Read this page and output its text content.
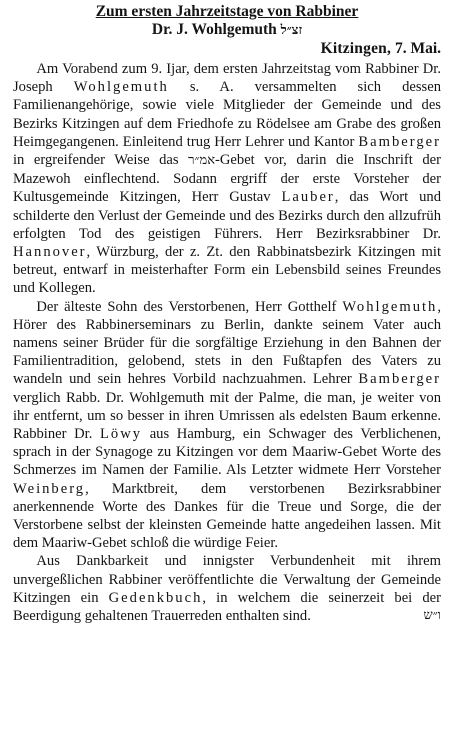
Zum ersten Jahrzeitstage von Rabbiner
Dr. J. Wohlgemuth זצ״ל
Kitzingen, 7. Mai.

Am Vorabend zum 9. Ijar, dem ersten Jahrzeitstag vom Rabbiner Dr. Joseph Wohlgemuth s. A. versammelten sich dessen Familienangehörige, sowie viele Mitglieder der Gemeinde und des Bezirks Kitzingen auf dem Friedhofe zu Rödelsee am Grabe des großen Heimgegangenen. Einleitend trug Herr Lehrer und Kantor Bamberger in ergreifender Weise das אמ״ר-Gebet vor, darin die Inschrift der Mazewoh einflechtend. Sodann ergriff der erste Vorsteher der Kultusgemeinde Kitzingen, Herr Gustav Lauber, das Wort und schilderte den Verlust der Gemeinde und des Bezirks durch den allzufrüh erfolgten Tod des geistigen Führers. Herr Bezirksrabbiner Dr. Hannover, Würzburg, der z. Zt. den Rabbinatsbezirk Kitzingen mit betreut, entwarf in meisterhafter Form ein Lebensbild seines Freundes und Kollegen.

Der älteste Sohn des Verstorbenen, Herr Gotthelf Wohlgemuth, Hörer des Rabbinerseminars zu Berlin, dankte seinem Vater auch namens seiner Brüder für die sorgfältige Erziehung in den Bahnen der Familientradition, gelobend, stets in den Fußtapfen des Vaters zu wandeln und sein hehres Vorbild nachzuahmen. Lehrer Bamberger verglich Rabb. Dr. Wohlgemuth mit der Palme, die man, je weiter von ihr entfernt, um so besser in ihren Umrissen als edelsten Baum erkenne. Rabbiner Dr. Löwy aus Hamburg, ein Schwager des Verblichenen, sprach in der Synagoge zu Kitzingen vor dem Maariw-Gebet Worte des Schmerzes im Namen der Familie. Als Letzter widmete Herr Vorsteher Weinberg, Marktbreit, dem verstorbenen Bezirksrabbiner anerkennende Worte des Dankes für die Treue und Sorge, die der Verstorbene selbst der kleinsten Gemeinde hatte angedeihen lassen. Mit dem Maariw-Gebet schloß die würdige Feier.

Aus Dankbarkeit und innigster Verbundenheit mit ihrem unvergeßlichen Rabbiner veröffentlichte die Verwaltung der Gemeinde Kitzingen ein Gedenkbuch, in welchem die seinerzeit bei der Beerdigung gehaltenen Trauerreden enthalten sind.	ו״ש
